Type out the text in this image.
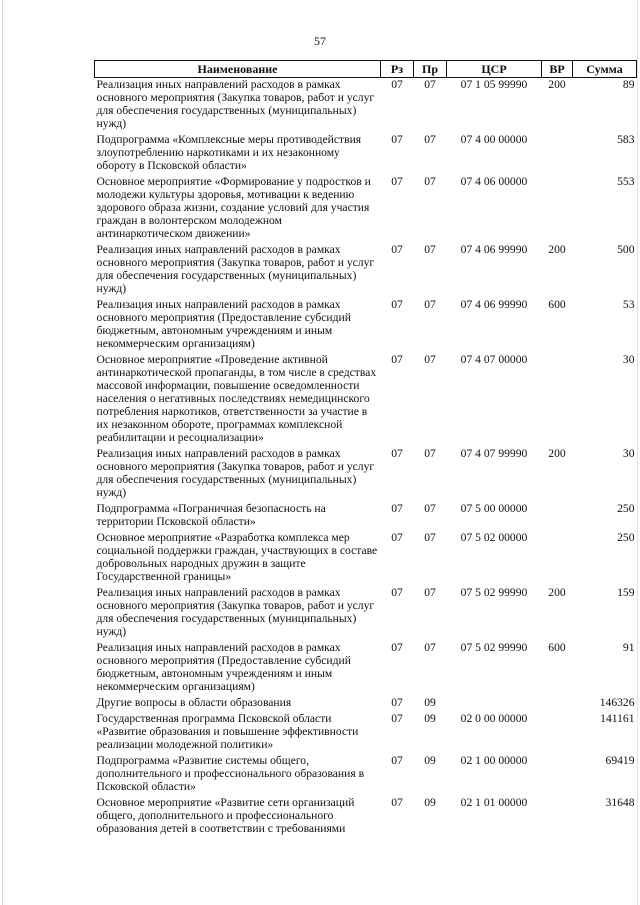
57
Наименование	Рз	Пр	ЦСР	ВР	Сумма
Реализация иных направлений расходов в рамках основного мероприятия (Закупка товаров, работ и услуг для обеспечения государственных (муниципальных) нужд)	07	07	07 1 05 99990	200	89
Подпрограмма «Комплексные меры противодействия злоупотреблению наркотиками и их незаконному обороту в Псковской области»	07	07	07 4 00 00000		583
Основное мероприятие «Формирование у подростков и молодежи культуры здоровья, мотивации к ведению здорового образа жизни, создание условий для участия граждан в волонтерском молодежном антинаркотическом движении»	07	07	07 4 06 00000		553
Реализация иных направлений расходов в рамках основного мероприятия (Закупка товаров, работ и услуг для обеспечения государственных (муниципальных) нужд)	07	07	07 4 06 99990	200	500
Реализация иных направлений расходов в рамках основного мероприятия (Предоставление субсидий бюджетным, автономным учреждениям и иным некоммерческим организациям)	07	07	07 4 06 99990	600	53
Основное мероприятие «Проведение активной антинаркотической пропаганды, в том числе в средствах массовой информации, повышение осведомленности населения о негативных последствиях немедицинского потребления наркотиков, ответственности за участие в их незаконном обороте, программах комплексной реабилитации и ресоциализации»	07	07	07 4 07 00000		30
Реализация иных направлений расходов в рамках основного мероприятия (Закупка товаров, работ и услуг для обеспечения государственных (муниципальных) нужд)	07	07	07 4 07 99990	200	30
Подпрограмма «Пограничная безопасность на территории Псковской области»	07	07	07 5 00 00000		250
Основное мероприятие «Разработка комплекса мер социальной поддержки граждан, участвующих в составе добровольных народных дружин в защите Государственной границы»	07	07	07 5 02 00000		250
Реализация иных направлений расходов в рамках основного мероприятия (Закупка товаров, работ и услуг для обеспечения государственных (муниципальных) нужд)	07	07	07 5 02 99990	200	159
Реализация иных направлений расходов в рамках основного мероприятия (Предоставление субсидий бюджетным, автономным учреждениям и иным некоммерческим организациям)	07	07	07 5 02 99990	600	91
Другие вопросы в области образования	07	09			146326
Государственная программа Псковской области «Развитие образования и повышение эффективности реализации молодежной политики»	07	09	02 0 00 00000		141161
Подпрограмма «Развитие системы общего, дополнительного и профессионального образования в Псковской области»	07	09	02 1 00 00000		69419
Основное мероприятие «Развитие сети организаций общего, дополнительного и профессионального образования детей в соответствии с требованиями	07	09	02 1 01 00000		31648
